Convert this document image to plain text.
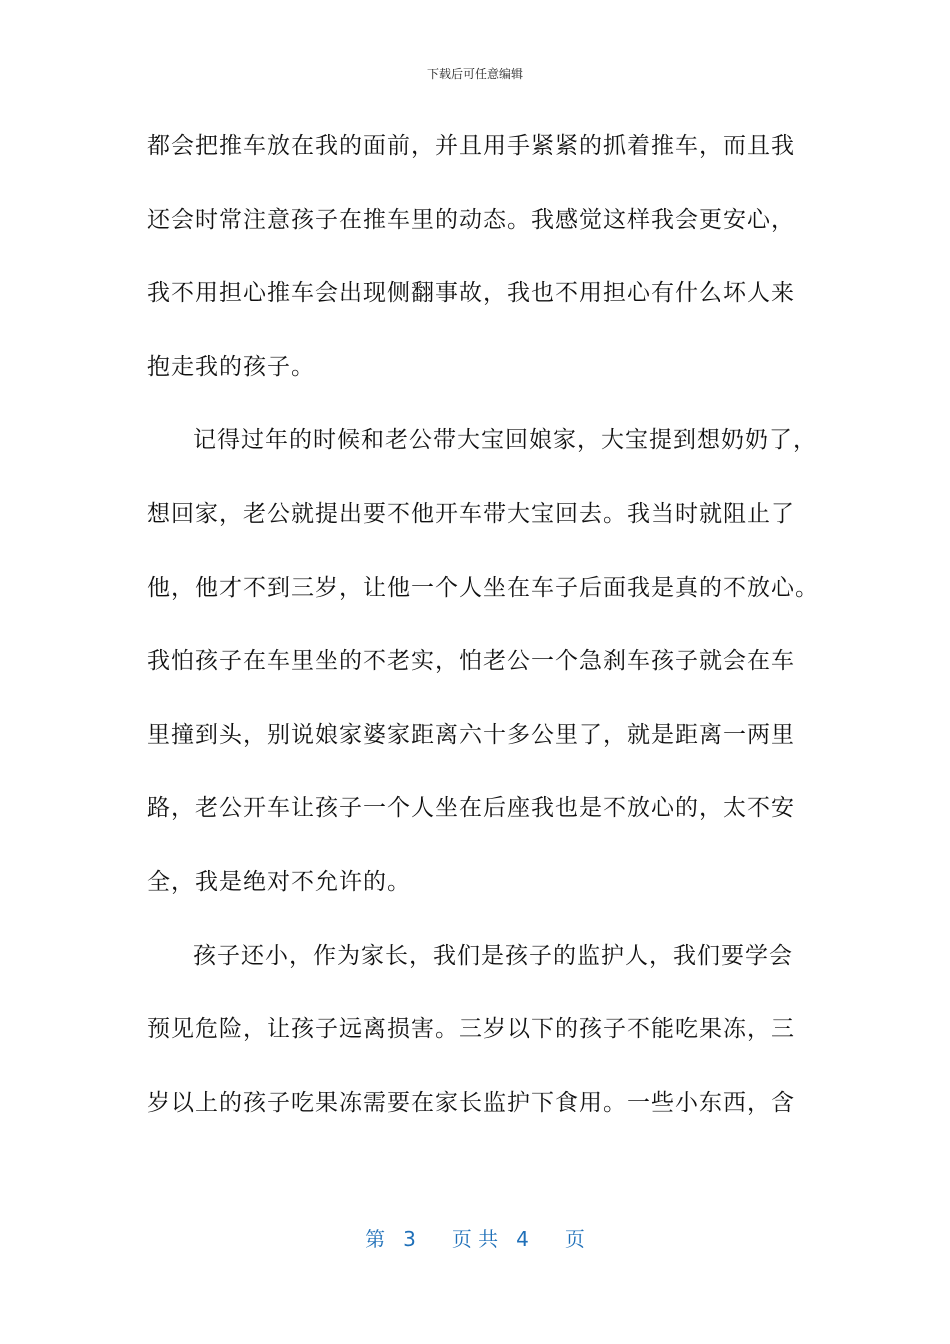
下载后可任意编辑
都会把推车放在我的面前，并且用手紧紧的抓着推车，而且我
还会时常注意孩子在推车里的动态。我感觉这样我会更安心，
我不用担心推车会出现侧翻事故，我也不用担心有什么坏人来
抱走我的孩子。
记得过年的时候和老公带大宝回娘家，大宝提到想奶奶了，
想回家，老公就提出要不他开车带大宝回去。我当时就阻止了
他，他才不到三岁，让他一个人坐在车子后面我是真的不放心。
我怕孩子在车里坐的不老实，怕老公一个急刹车孩子就会在车
里撞到头，别说娘家婆家距离六十多公里了，就是距离一两里
路，老公开车让孩子一个人坐在后座我也是不放心的，太不安
全，我是绝对不允许的。
孩子还小，作为家长，我们是孩子的监护人，我们要学会
预见危险，让孩子远离损害。三岁以下的孩子不能吃果冻，三
岁以上的孩子吃果冻需要在家长监护下食用。一些小东西，含
第 3 页 共 4 页
